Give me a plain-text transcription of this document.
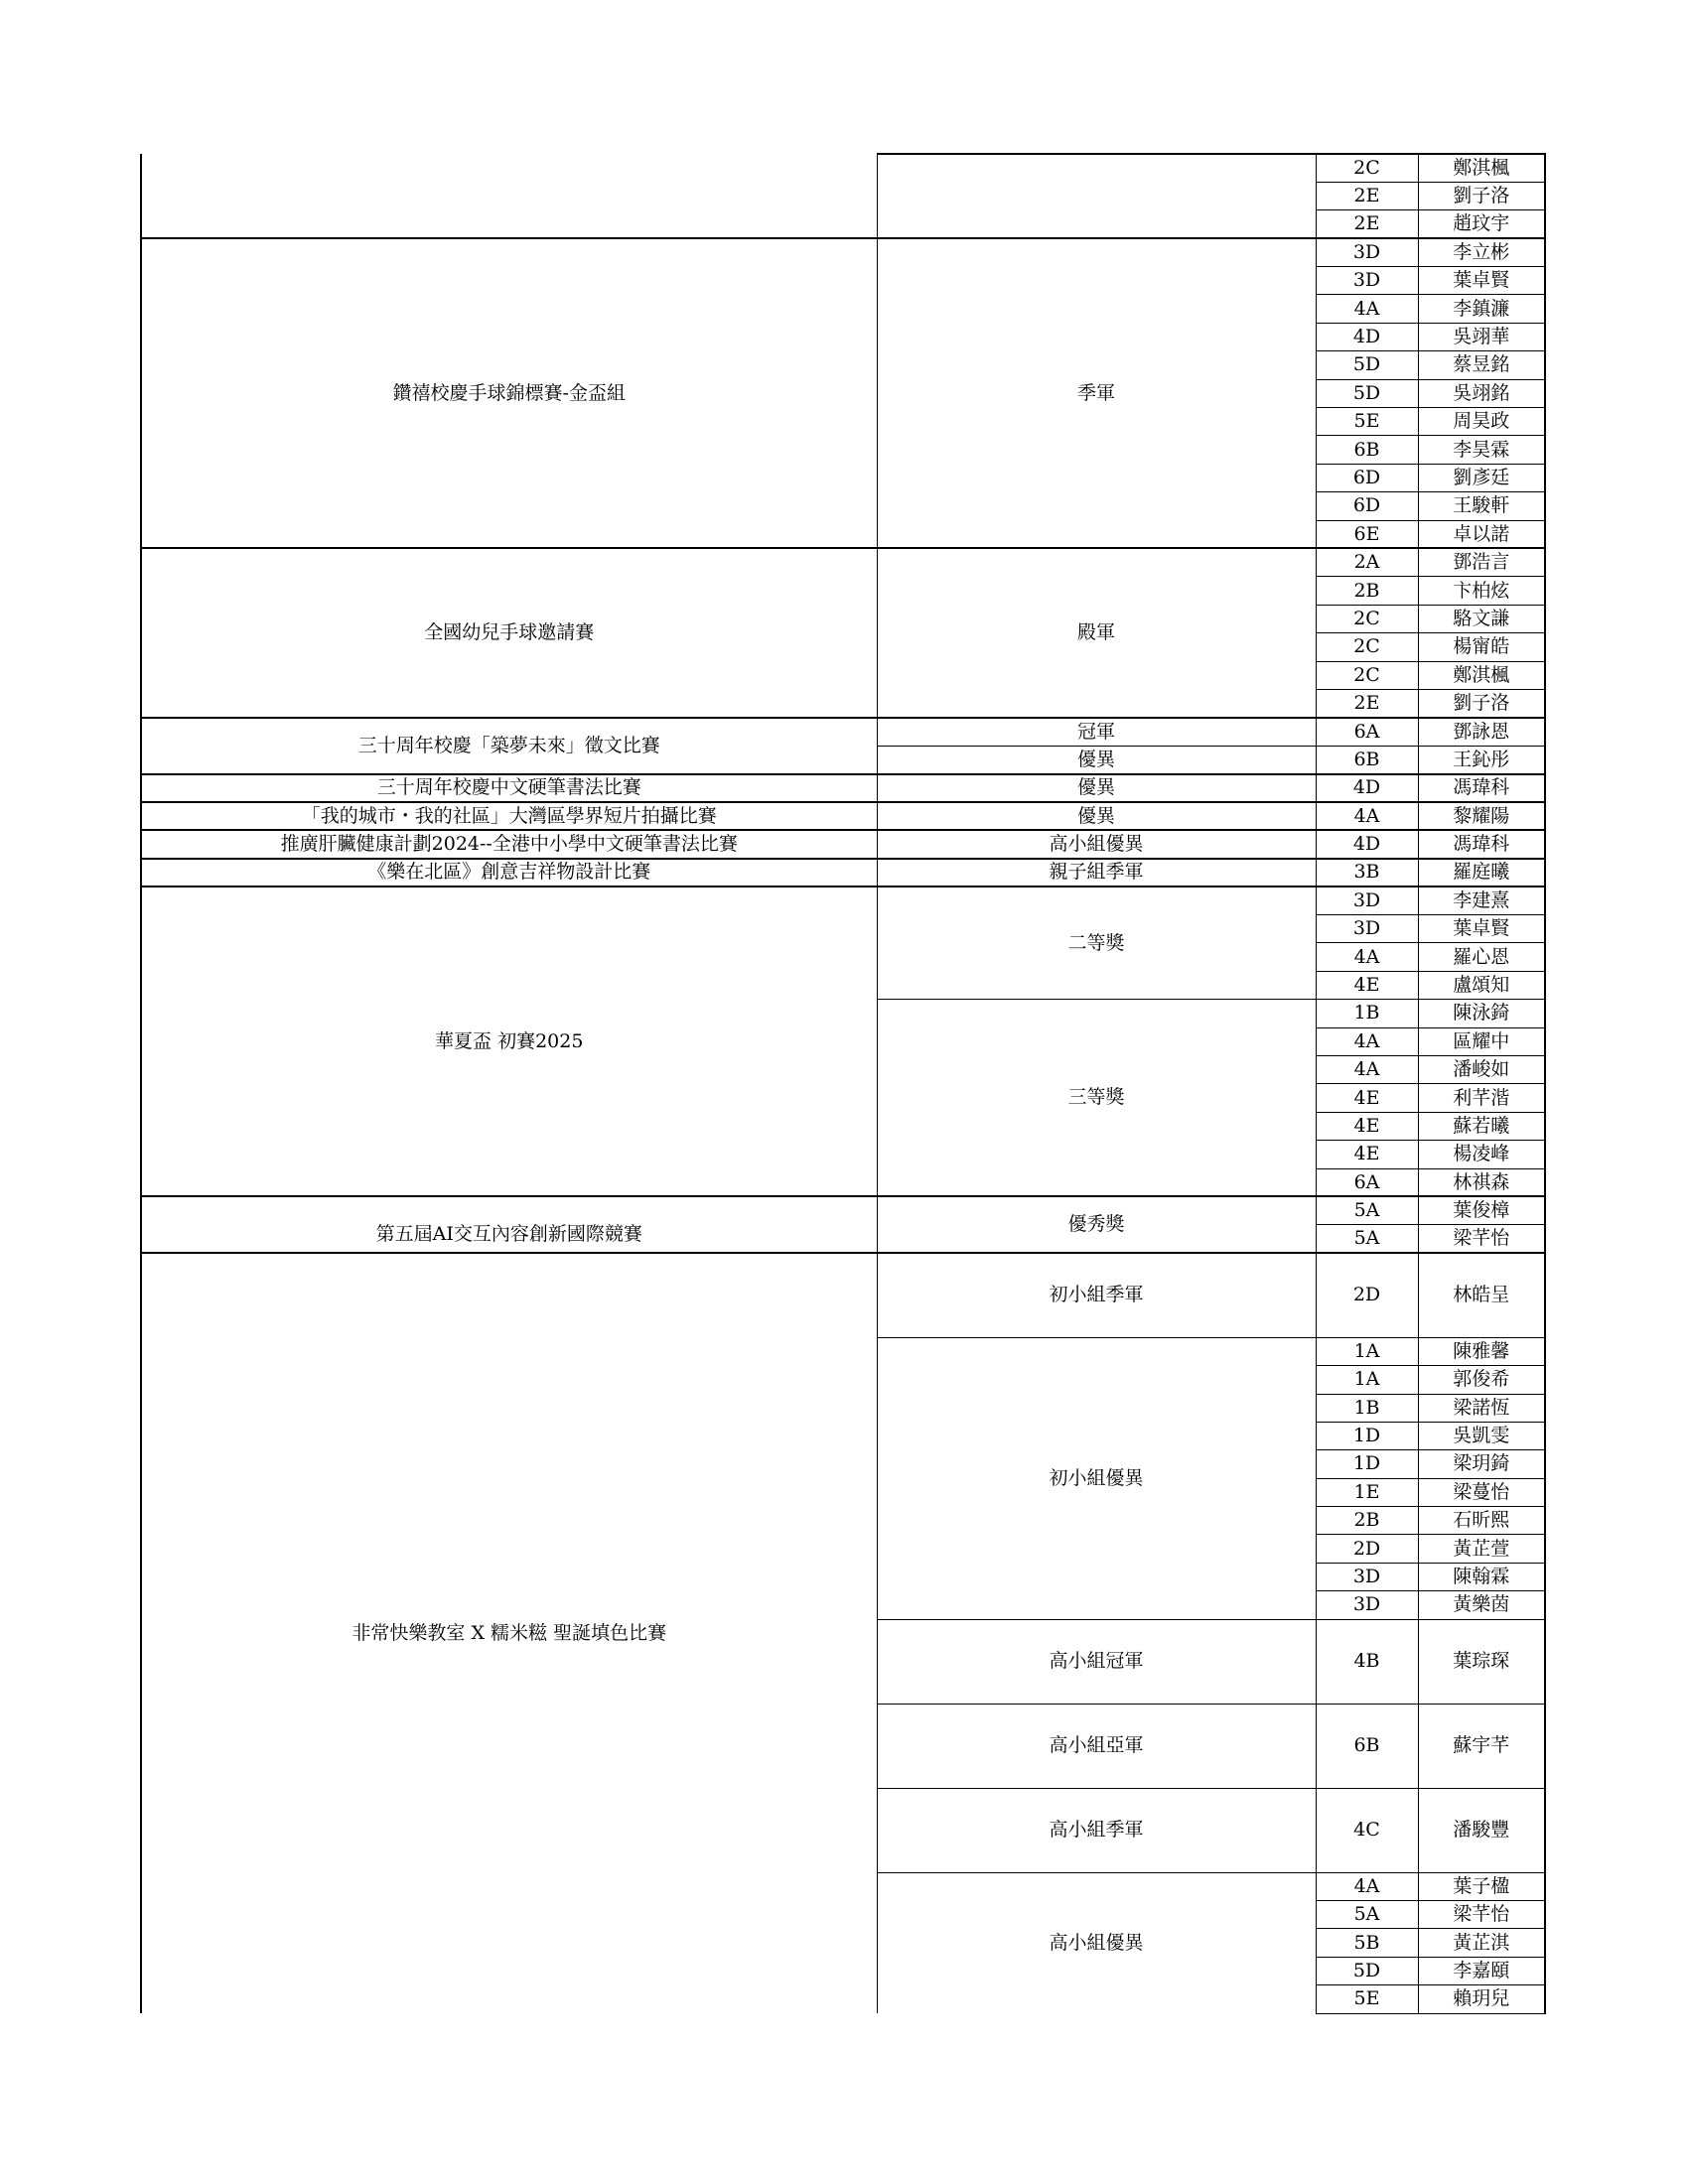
		2C	鄭淇楓
		2E	劉子洛
		2E	趙玟宇
鑽禧校慶手球錦標賽-金盃組	季軍	3D	李立彬
		3D	葉卓賢
		4A	李鎮濂
		4D	吳翊華
		5D	蔡昱銘
		5D	吳翊銘
		5E	周昊政
		6B	李昊霖
		6D	劉彥廷
		6D	王駿軒
		6E	卓以諾
全國幼兒手球邀請賽	殿軍	2A	鄧浩言
		2B	卞柏炫
		2C	駱文謙
		2C	楊甯皓
		2C	鄭淇楓
		2E	劉子洛
三十周年校慶「築夢未來」徵文比賽	冠軍	6A	鄧詠恩
	優異	6B	王鈊彤
三十周年校慶中文硬筆書法比賽	優異	4D	馮瑋科
「我的城市・我的社區」大灣區學界短片拍攝比賽	優異	4A	黎耀陽
推廣肝臟健康計劃2024--全港中小學中文硬筆書法比賽	高小組優異	4D	馮瑋科
《樂在北區》創意吉祥物設計比賽	親子組季軍	3B	羅庭曦
華夏盃 初賽2025	二等獎	3D	李建熹
		3D	葉卓賢
		4A	羅心恩
		4E	盧頌知
	三等獎	1B	陳泳錡
		4A	區耀中
		4A	潘峻如
		4E	利芊湝
		4E	蘇若曦
		4E	楊凌峰
		6A	林祺森
第五屆AI交互內容創新國際競賽	優秀獎	5A	葉俊樟
		5A	梁芊怡
非常快樂教室 X 糯米糍 聖誕填色比賽	初小組季軍	2D	林皓呈
	初小組優異	1A	陳雅馨
		1A	郭俊希
		1B	梁諾恆
		1D	吳凱雯
		1D	梁玥錡
		1E	梁蔓怡
		2B	石昕熙
		2D	黃芷萱
		3D	陳翰霖
		3D	黃樂茵
	高小組冠軍	4B	葉琮琛
	高小組亞軍	6B	蘇宇芊
	高小組季軍	4C	潘駿豐
	高小組優異	4A	葉子楹
		5A	梁芊怡
		5B	黃芷淇
		5D	李嘉頤
		5E	賴玥兒
